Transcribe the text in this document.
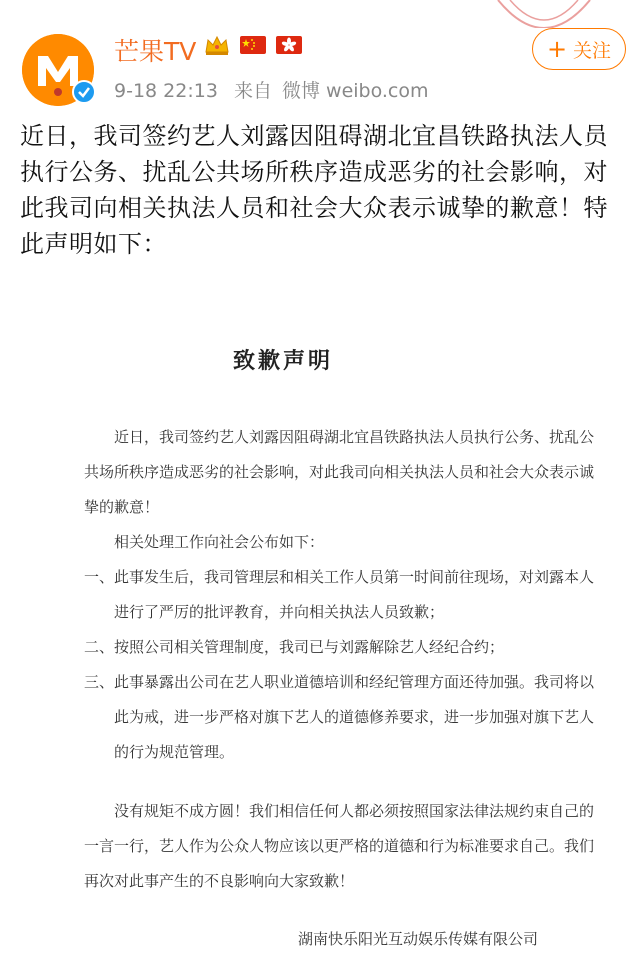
芒果TV
9-18 22:13 来自 微博 weibo.com
+ 关注
近日，我司签约艺人刘露因阻碍湖北宜昌铁路执法人员执行公务、扰乱公共场所秩序造成恶劣的社会影响，对此我司向相关执法人员和社会大众表示诚挚的歉意！特此声明如下：
致歉声明
近日，我司签约艺人刘露因阻碍湖北宜昌铁路执法人员执行公务、扰乱公共场所秩序造成恶劣的社会影响，对此我司向相关执法人员和社会大众表示诚挚的歉意！
相关处理工作向社会公布如下：
一、此事发生后，我司管理层和相关工作人员第一时间前往现场，对刘露本人进行了严厉的批评教育，并向相关执法人员致歉；
二、按照公司相关管理制度，我司已与刘露解除艺人经纪合约；
三、此事暴露出公司在艺人职业道德培训和经纪管理方面还待加强。我司将以此为戒，进一步严格对旗下艺人的道德修养要求，进一步加强对旗下艺人的行为规范管理。
没有规矩不成方圆！我们相信任何人都必须按照国家法律法规约束自己的一言一行，艺人作为公众人物应该以更严格的道德和行为标准要求自己。我们再次对此事产生的不良影响向大家致歉！
湖南快乐阳光互动娱乐传媒有限公司
